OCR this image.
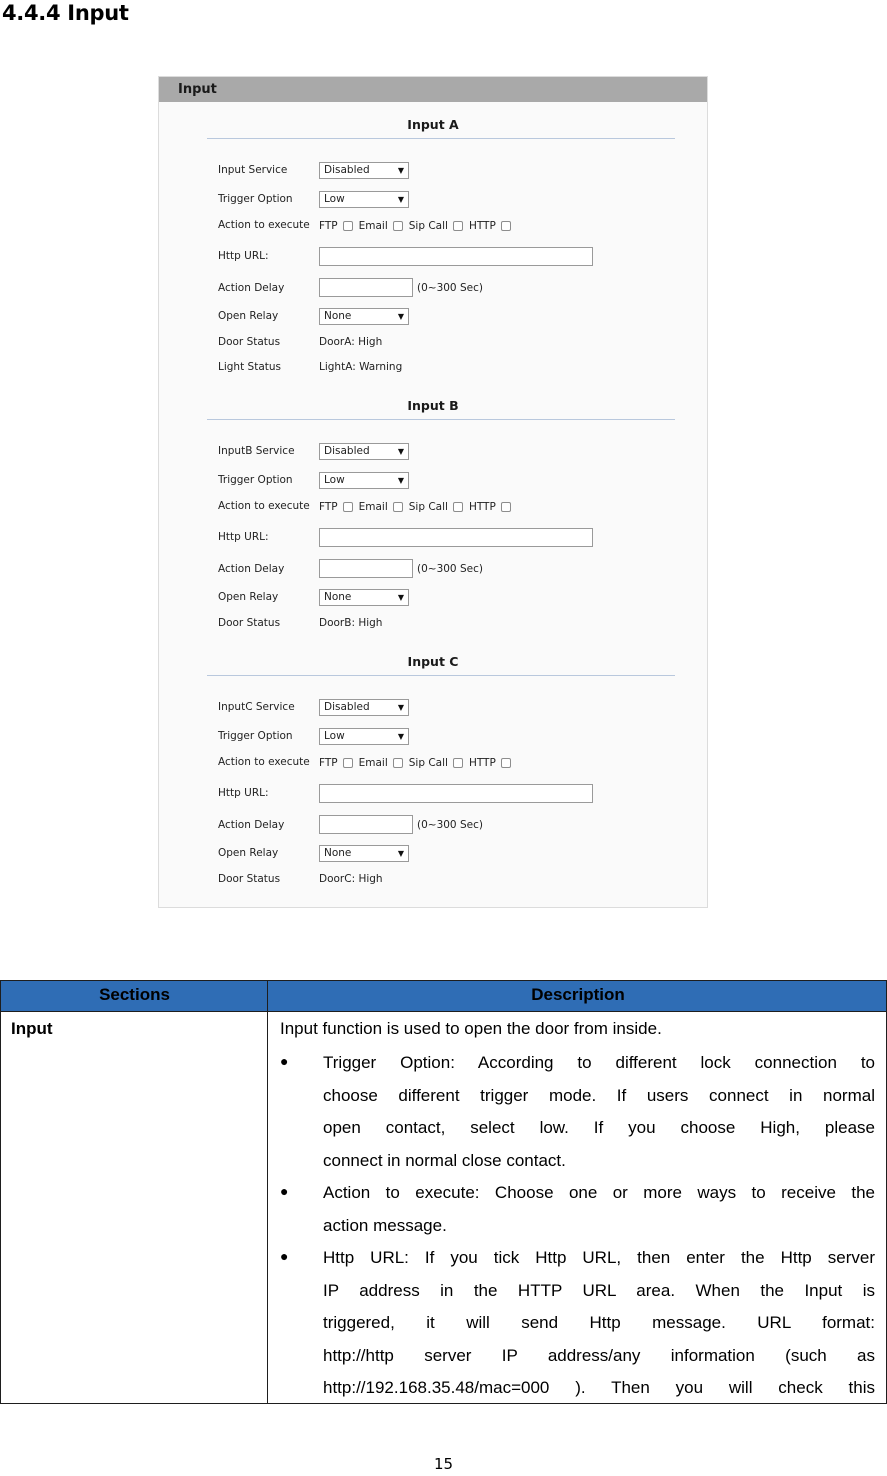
4.4.4 Input
Input
Input A
Input Service	Disabled	▼
Trigger Option	Low	▼
Action to execute FTP Email Sip Call HTTP
Http URL:
Action Delay	(0~300 Sec)
Open Relay	None	▼
Door Status	DoorA: High
Light Status	LightA: Warning
Input B
InputB Service	Disabled	▼
Trigger Option	Low	▼
Action to execute FTP Email Sip Call HTTP
Http URL:
Action Delay	(0~300 Sec)
Open Relay	None	▼
Door Status	DoorB: High
Input C
InputC Service	Disabled	▼
Trigger Option	Low	▼
Action to execute FTP Email Sip Call HTTP
Http URL:
Action Delay	(0~300 Sec)
Open Relay	None	▼
Door Status	DoorC: High
Sections	Description
Input	Input function is used to open the door from inside.
● Trigger Option: According to different lock connection to
choose different trigger mode. If users connect in normal
open contact, select low. If you choose High, please
connect in normal close contact.
● Action to execute: Choose one or more ways to receive the
action message.
● Http URL: If you tick Http URL, then enter the Http server
IP address in the HTTP URL area. When the Input is
triggered, it will send Http message. URL format:
http://http server IP address/any information (such as
http://192.168.35.48/mac=000 ). Then you will check this
15
